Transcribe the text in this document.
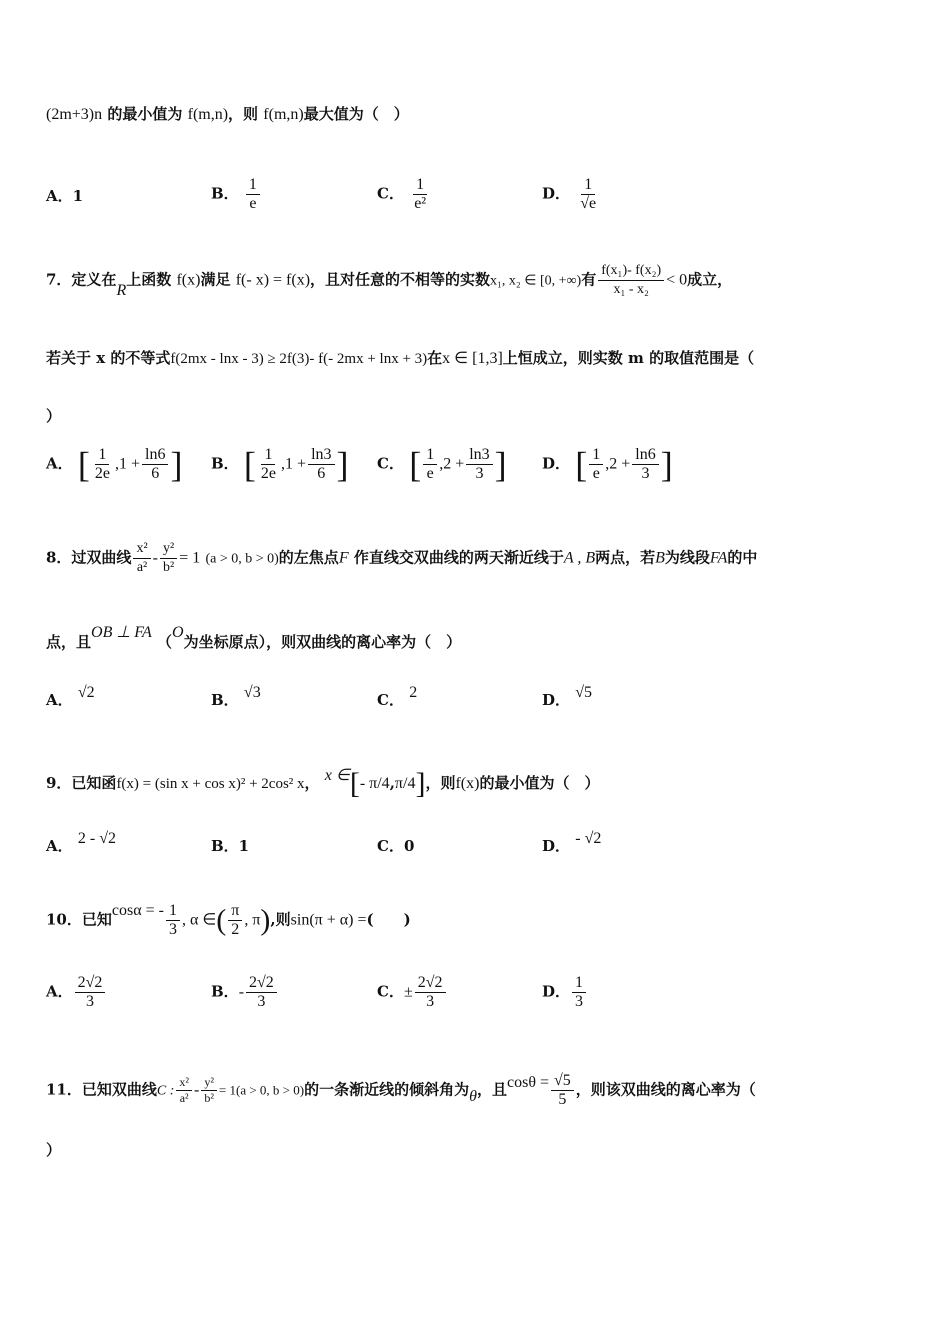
(2m+3)n 的最小值为 f(m,n)，则 f(m,n)最大值为（　）
A．1	B． $\frac{1}{e}$	C． $\frac{1}{\text{e²}}$	D． $\frac{1}{√e}$
7．定义在R上函数 f(x)满足 f(- x) = f(x)，且对任意的不相等的实数x₁, x₂ ∈ [0, +∞)有 $\frac{\text{f(x₁)- f(x₂)}}{\text{x₁ - x₂}} < 0$成立，
若关于 x 的不等式f(2mx - lnx - 3) ≥ 2f(3)- f(- 2mx + lnx + 3)在x ∈ [1,3]上恒成立，则实数 m 的取值范围是（
）
A． [ $\frac{1}{2e} ,1 + \frac{\ln 6}{6}$ ] B． [ $\frac{1}{2e} ,1 + \frac{\ln 3}{6}$ ] C． [ $\frac{1}{e} ,2 + \frac{\ln 3}{3}$ ] D． [ $\frac{1}{e} ,2 + \frac{\ln 6}{3}$ ]
8．过双曲线 $\frac{\text{x²}}{\text{a²}} - \frac{\text{y²}}{\text{b²}} = 1$ (a > 0, b > 0)的左焦点F 作直线交双曲线的两天渐近线于A , B两点，若B为线段FA的中
点，且OB ⊥ FA （O为坐标原点），则双曲线的离心率为（　）
A． √2	B． √3	C． 2	D． √5
9．已知函f(x) = (sin x + cos x)² + 2cos² x， x ∈[- π/4,π/4]，则f(x)的最小值为（　）
A． 2 - √2	B．1	C．0	D． - √2
10．已知cosα = - $\frac{1}{3}$ , α ∈( $\frac{\pi}{2}$ , π),则sin(π + α) =(　　)
A． $\frac{2√2}{3}$	B．- $\frac{2√2}{3}$	C．± $\frac{2√2}{3}$	D． $\frac{1}{3}$
11．已知双曲线C : $\frac{\text{x²}}{\text{a²}} - \frac{\text{y²}}{\text{b²}} = 1(a > 0$, b > 0)的一条渐近线的倾斜角为θ，且$\cos\theta = \frac{√5}{5}$ ，则该双曲线的离心率为（
）
